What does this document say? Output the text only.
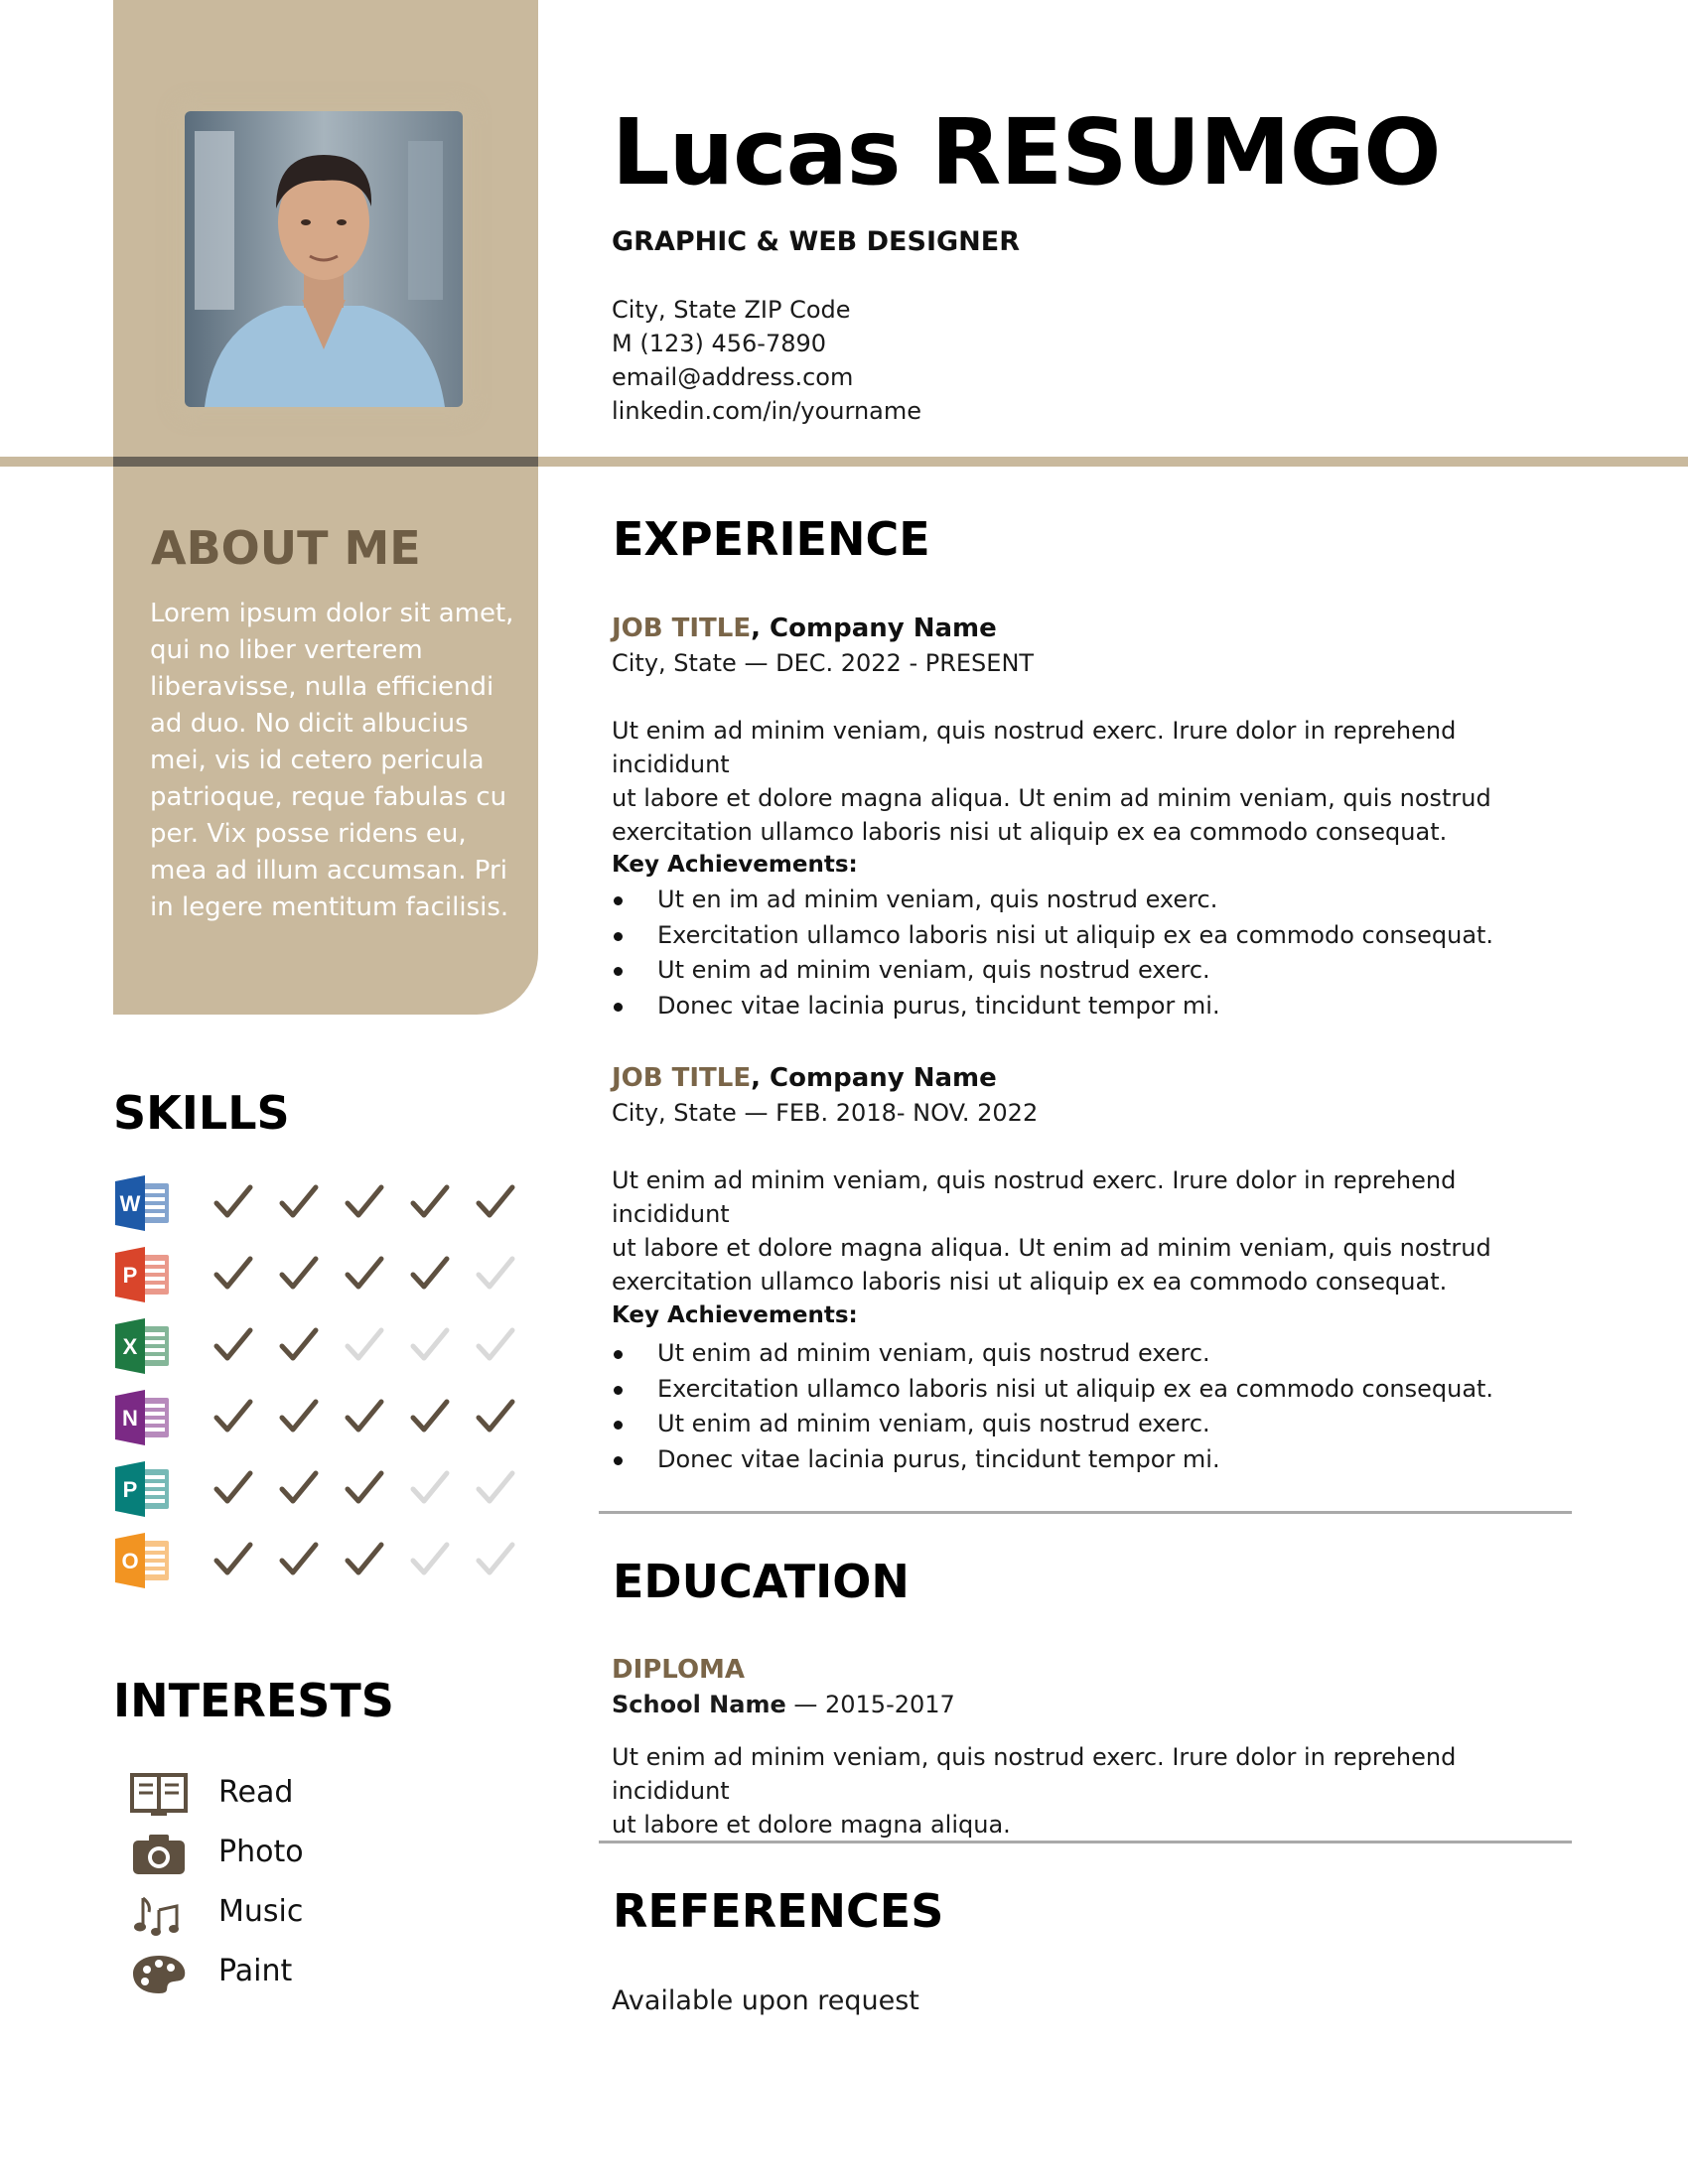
Lucas RESUMGO
GRAPHIC & WEB DESIGNER
City, State ZIP Code
M (123) 456-7890
email@address.com
linkedin.com/in/yourname
ABOUT ME
Lorem ipsum dolor sit amet,
qui no liber verterem
liberavisse, nulla efficiendi
ad duo. No dicit albucius
mei, vis id cetero pericula
patrioque, reque fabulas cu
per. Vix posse ridens eu,
mea ad illum accumsan. Pri
in legere mentitum facilisis.
SKILLS
W
P
X
N
P
O
INTERESTS
Read
Photo
Music
Paint
EXPERIENCE
JOB TITLE, Company Name
City, State — DEC. 2022 - PRESENT
Ut enim ad minim veniam, quis nostrud exerc. Irure dolor in reprehend incididunt
ut labore et dolore magna aliqua. Ut enim ad minim veniam, quis nostrud
exercitation ullamco laboris nisi ut aliquip ex ea commodo consequat.
Key Achievements:
Ut en im ad minim veniam, quis nostrud exerc.
Exercitation ullamco laboris nisi ut aliquip ex ea commodo consequat.
Ut enim ad minim veniam, quis nostrud exerc.
Donec vitae lacinia purus, tincidunt tempor mi.
JOB TITLE, Company Name
City, State — FEB. 2018- NOV. 2022
Ut enim ad minim veniam, quis nostrud exerc. Irure dolor in reprehend incididunt
ut labore et dolore magna aliqua. Ut enim ad minim veniam, quis nostrud
exercitation ullamco laboris nisi ut aliquip ex ea commodo consequat.
Key Achievements:
Ut enim ad minim veniam, quis nostrud exerc.
Exercitation ullamco laboris nisi ut aliquip ex ea commodo consequat.
Ut enim ad minim veniam, quis nostrud exerc.
Donec vitae lacinia purus, tincidunt tempor mi.
EDUCATION
DIPLOMA
School Name — 2015-2017
Ut enim ad minim veniam, quis nostrud exerc. Irure dolor in reprehend incididunt
ut labore et dolore magna aliqua.
REFERENCES
Available upon request
